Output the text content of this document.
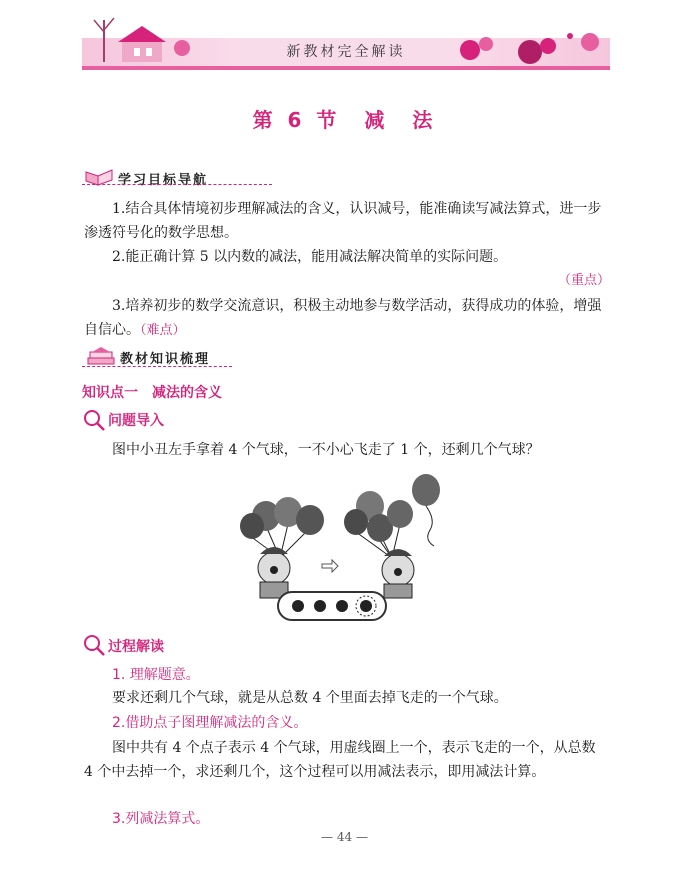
新教材完全解读
第 6 节　减　法
学习目标导航
1.结合具体情境初步理解减法的含义，认识减号，能准确读写减法算式，进一步渗透符号化的数学思想。
2.能正确计算 5 以内数的减法，能用减法解决简单的实际问题。
（重点）
3.培养初步的数学交流意识，积极主动地参与数学活动，获得成功的体验，增强自信心。（难点）
教材知识梳理
知识点一　减法的含义
问题导入
图中小丑左手拿着 4 个气球，一不小心飞走了 1 个，还剩几个气球？
过程解读
1. 理解题意。
要求还剩几个气球，就是从总数 4 个里面去掉飞走的一个气球。
2.借助点子图理解减法的含义。
图中共有 4 个点子表示 4 个气球，用虚线圈上一个，表示飞走的一个，从总数 4 个中去掉一个，求还剩几个，这个过程可以用减法表示，即用减法计算。
3.列减法算式。
— 44 —
